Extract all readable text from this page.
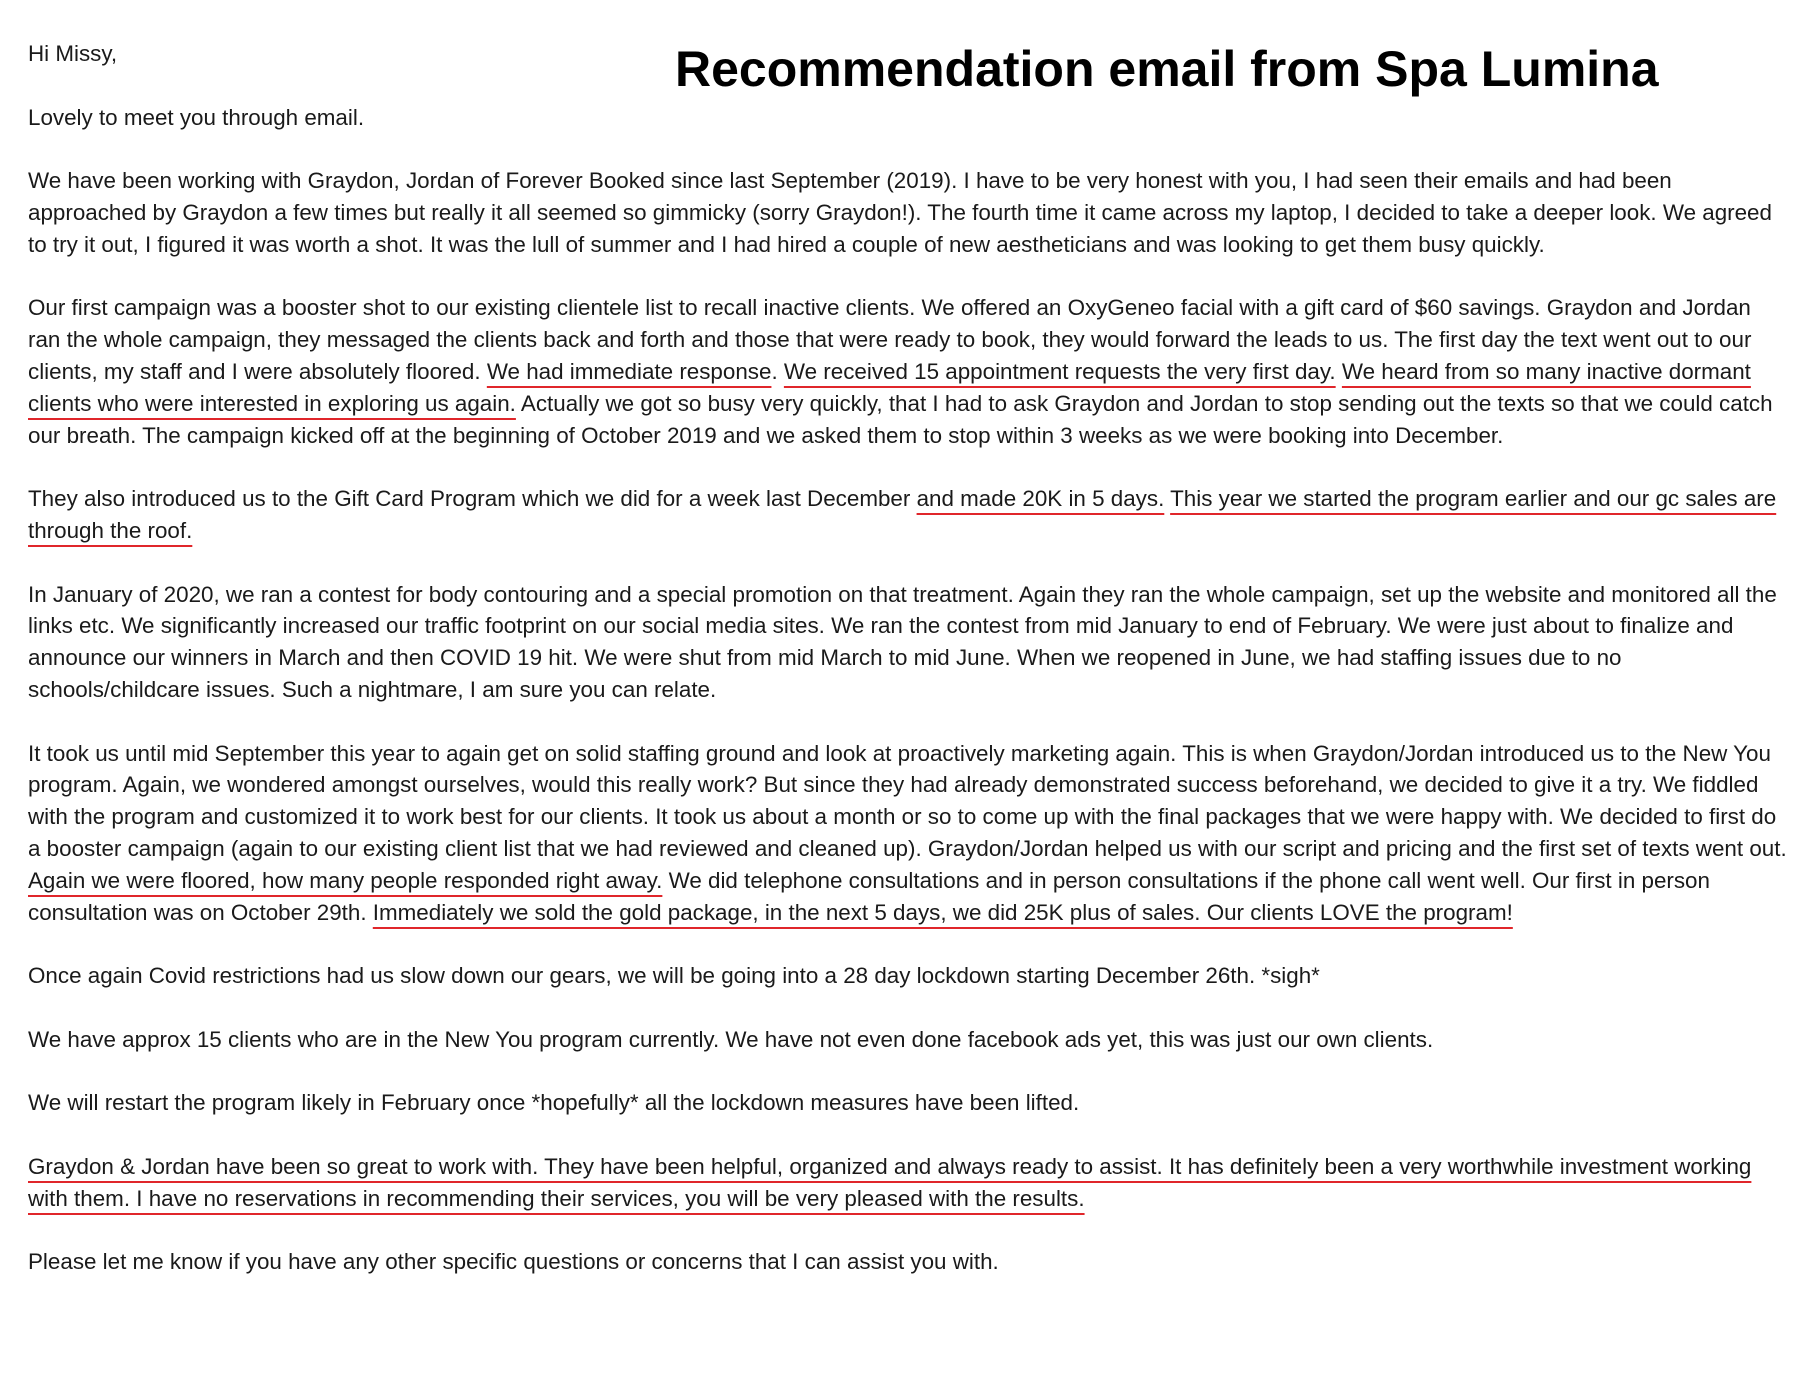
Recommendation email from Spa Lumina

Hi Missy,

Lovely to meet you through email.

We have been working with Graydon, Jordan of Forever Booked since last September (2019). I have to be very honest with you, I had seen their emails and had been approached by Graydon a few times but really it all seemed so gimmicky (sorry Graydon!). The fourth time it came across my laptop, I decided to take a deeper look. We agreed to try it out, I figured it was worth a shot. It was the lull of summer and I had hired a couple of new aestheticians and was looking to get them busy quickly.

Our first campaign was a booster shot to our existing clientele list to recall inactive clients. We offered an OxyGeneo facial with a gift card of $60 savings. Graydon and Jordan ran the whole campaign, they messaged the clients back and forth and those that were ready to book, they would forward the leads to us. The first day the text went out to our clients, my staff and I were absolutely floored. We had immediate response. We received 15 appointment requests the very first day. We heard from so many inactive dormant clients who were interested in exploring us again. Actually we got so busy very quickly, that I had to ask Graydon and Jordan to stop sending out the texts so that we could catch our breath. The campaign kicked off at the beginning of October 2019 and we asked them to stop within 3 weeks as we were booking into December.

They also introduced us to the Gift Card Program which we did for a week last December and made 20K in 5 days. This year we started the program earlier and our gc sales are through the roof.

In January of 2020, we ran a contest for body contouring and a special promotion on that treatment. Again they ran the whole campaign, set up the website and monitored all the links etc. We significantly increased our traffic footprint on our social media sites. We ran the contest from mid January to end of February. We were just about to finalize and announce our winners in March and then COVID 19 hit. We were shut from mid March to mid June. When we reopened in June, we had staffing issues due to no schools/childcare issues. Such a nightmare, I am sure you can relate.

It took us until mid September this year to again get on solid staffing ground and look at proactively marketing again. This is when Graydon/Jordan introduced us to the New You program. Again, we wondered amongst ourselves, would this really work? But since they had already demonstrated success beforehand, we decided to give it a try. We fiddled with the program and customized it to work best for our clients. It took us about a month or so to come up with the final packages that we were happy with. We decided to first do a booster campaign (again to our existing client list that we had reviewed and cleaned up). Graydon/Jordan helped us with our script and pricing and the first set of texts went out. Again we were floored, how many people responded right away. We did telephone consultations and in person consultations if the phone call went well. Our first in person consultation was on October 29th. Immediately we sold the gold package, in the next 5 days, we did 25K plus of sales. Our clients LOVE the program!

Once again Covid restrictions had us slow down our gears, we will be going into a 28 day lockdown starting December 26th. *sigh*

We have approx 15 clients who are in the New You program currently. We have not even done facebook ads yet, this was just our own clients.

We will restart the program likely in February once *hopefully* all the lockdown measures have been lifted.

Graydon & Jordan have been so great to work with. They have been helpful, organized and always ready to assist. It has definitely been a very worthwhile investment working with them. I have no reservations in recommending their services, you will be very pleased with the results.

Please let me know if you have any other specific questions or concerns that I can assist you with.
